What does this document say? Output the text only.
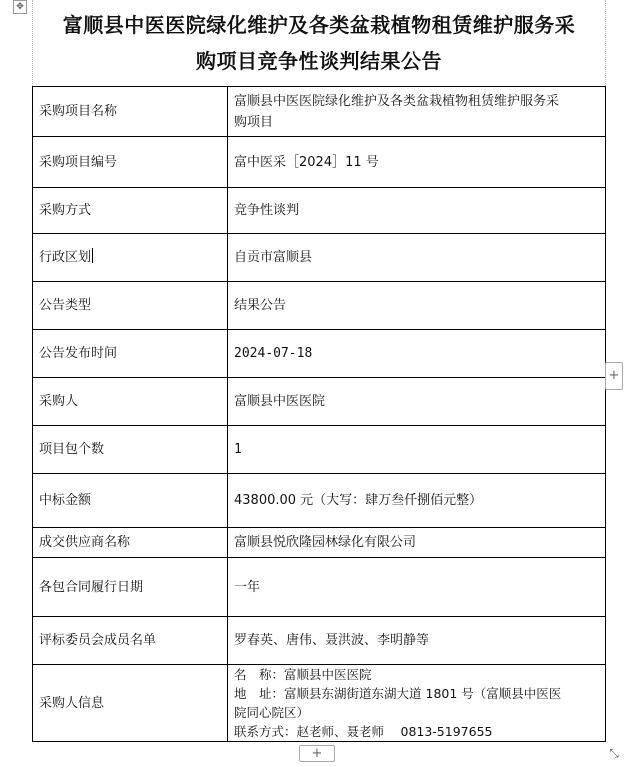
✥
富顺县中医医院绿化维护及各类盆栽植物租赁维护服务采
购项目竞争性谈判结果公告
采购项目名称	富顺县中医医院绿化维护及各类盆栽植物租赁维护服务采
购项目

采购项目编号	富中医采［2024］11 号
采购方式	竞争性谈判
行政区划	自贡市富顺县
公告类型	结果公告
公告发布时间	2024-07-18
采购人	富顺县中医医院
项目包个数	1
中标金额	43800.00 元（大写：肆万叁仟捌佰元整）
成交供应商名称	富顺县悦欣隆园林绿化有限公司
各包合同履行日期	一年
评标委员会成员名单	罗春英、唐伟、聂洪波、李明静等
采购人信息	名　称：富顺县中医医院
地　址：富顺县东湖街道东湖大道 1801 号（富顺县中医医
院同心院区）
联系方式：赵老师、聂老师　 0813-5197655
+
+	⤡
